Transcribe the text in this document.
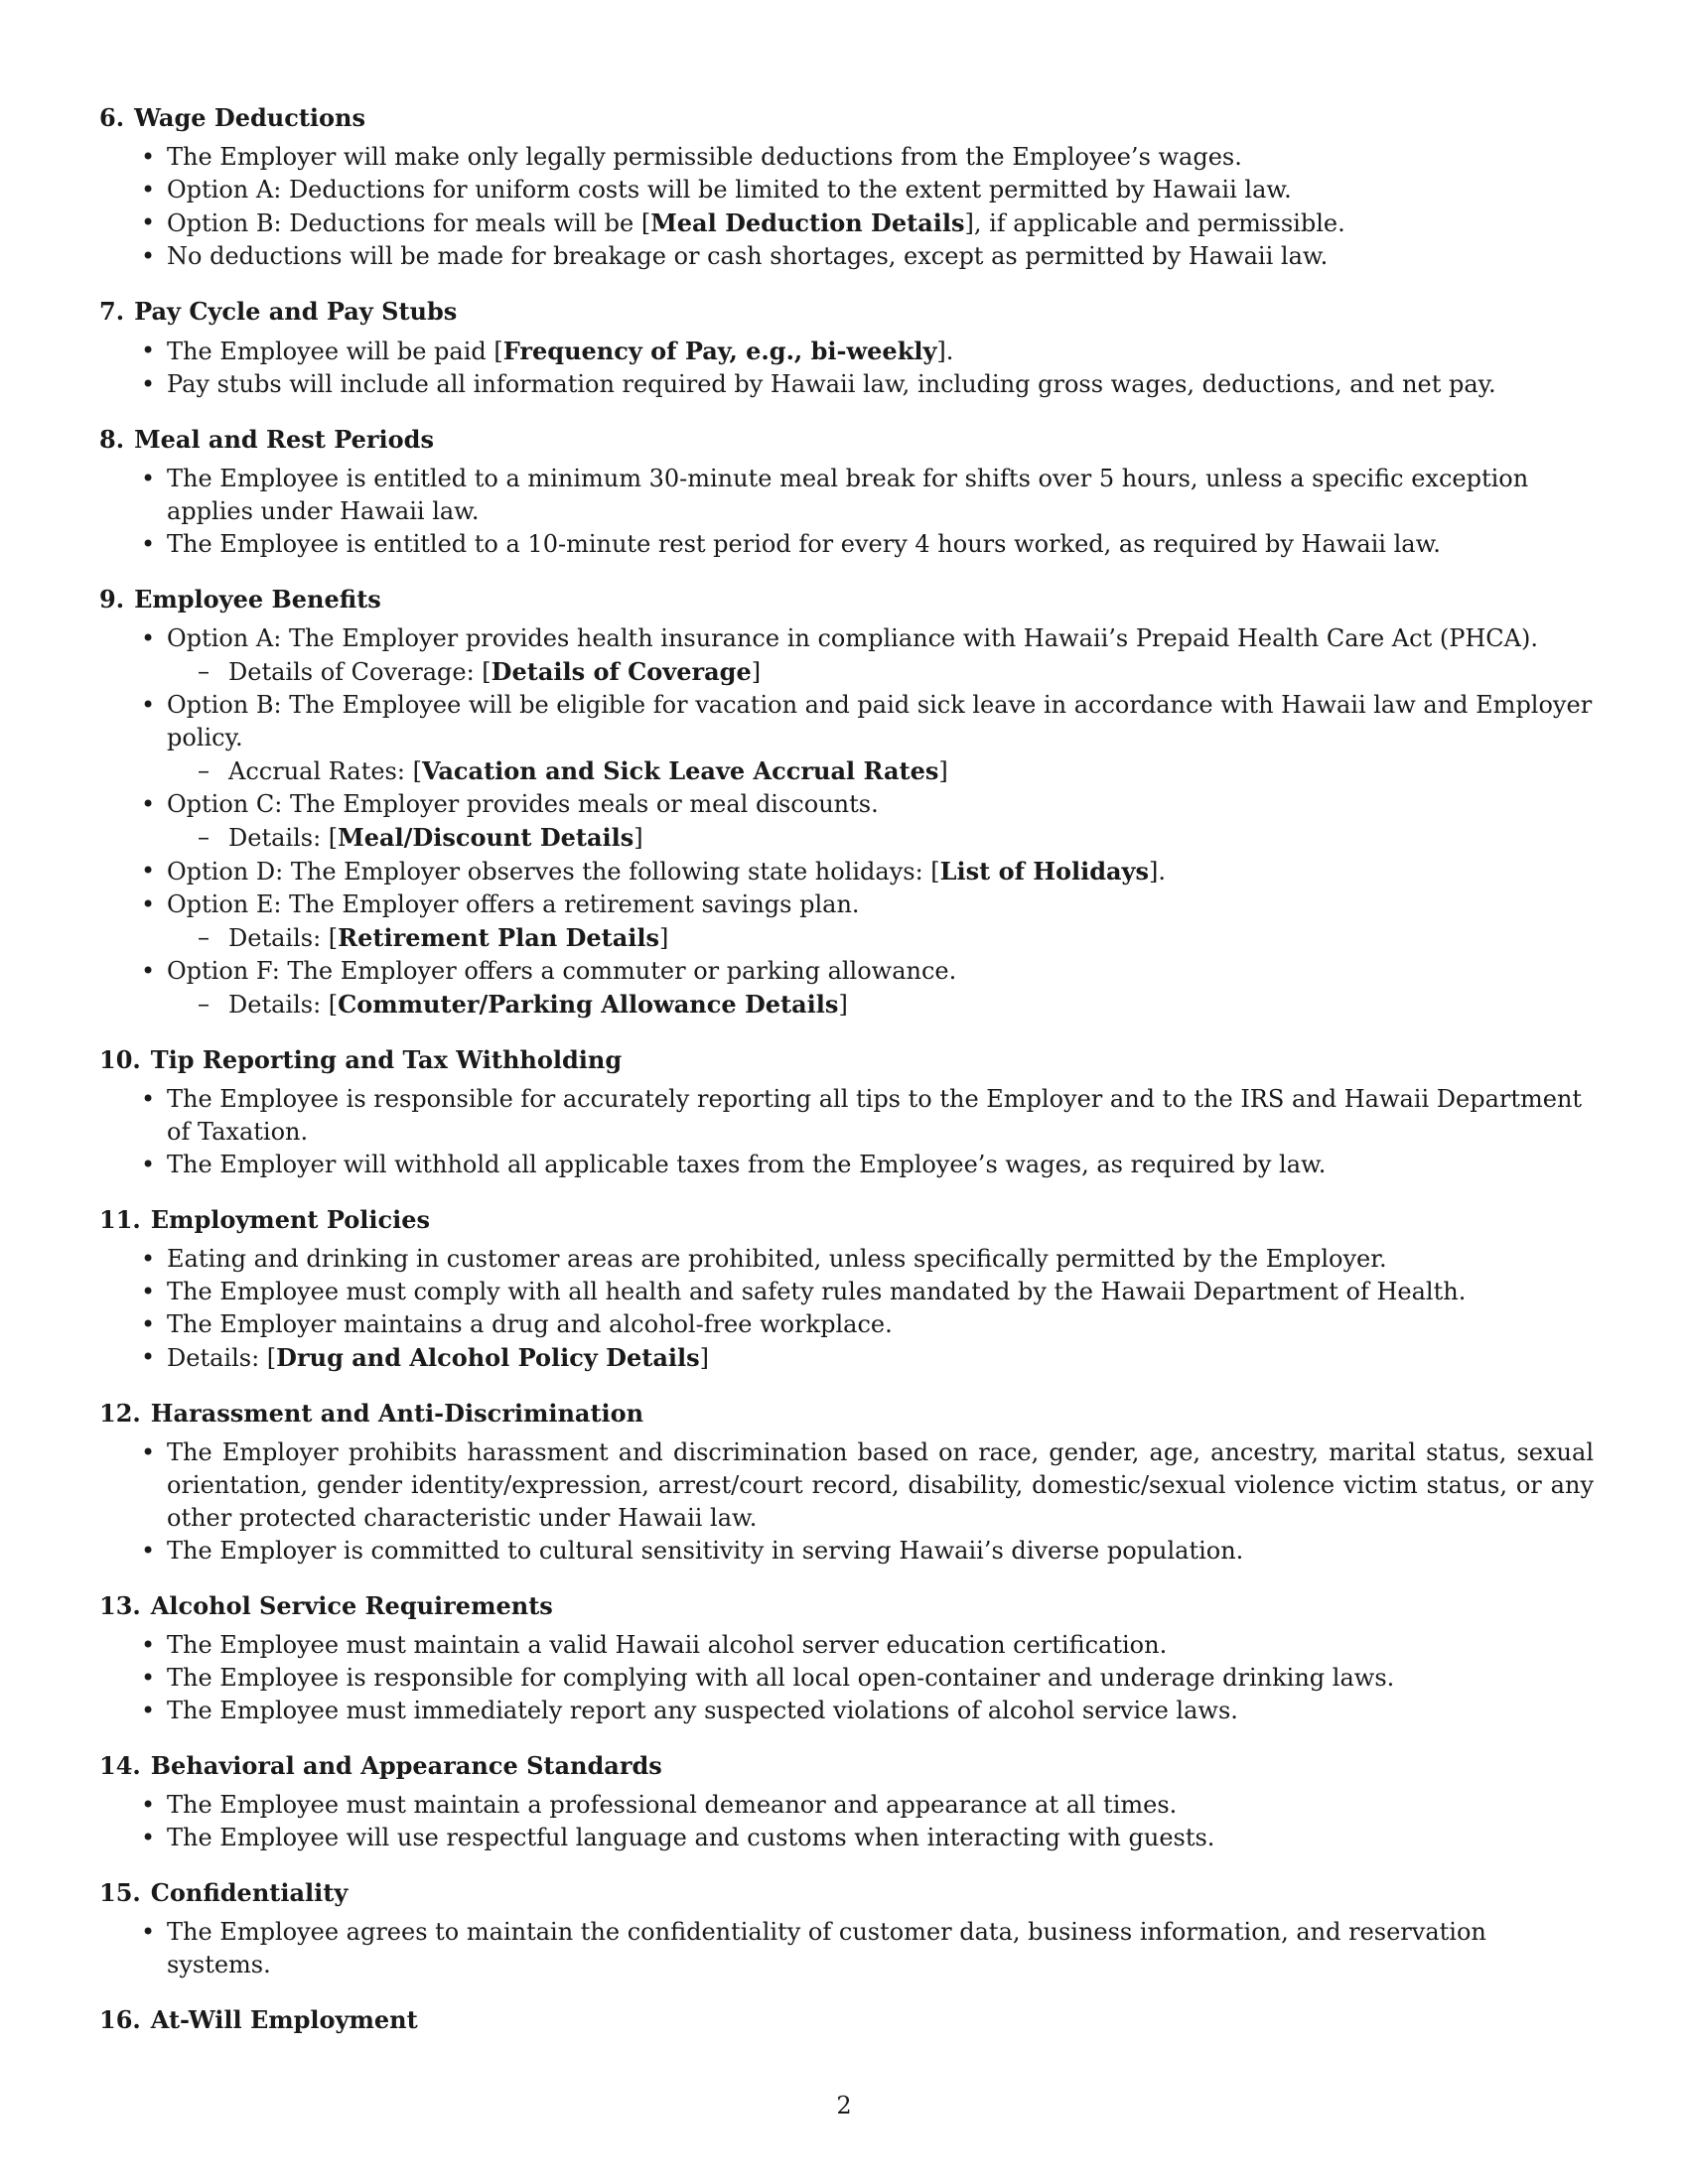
6. Wage Deductions
• The Employer will make only legally permissible deductions from the Employee’s wages.
• Option A: Deductions for uniform costs will be limited to the extent permitted by Hawaii law.
• Option B: Deductions for meals will be [Meal Deduction Details], if applicable and permissible.
• No deductions will be made for breakage or cash shortages, except as permitted by Hawaii law.
7. Pay Cycle and Pay Stubs
• The Employee will be paid [Frequency of Pay, e.g., bi-weekly].
• Pay stubs will include all information required by Hawaii law, including gross wages, deductions, and net pay.
8. Meal and Rest Periods
• The Employee is entitled to a minimum 30-minute meal break for shifts over 5 hours, unless a specific exception applies under Hawaii law.
• The Employee is entitled to a 10-minute rest period for every 4 hours worked, as required by Hawaii law.
9. Employee Benefits
• Option A: The Employer provides health insurance in compliance with Hawaii’s Prepaid Health Care Act (PHCA).
– Details of Coverage: [Details of Coverage]
• Option B: The Employee will be eligible for vacation and paid sick leave in accordance with Hawaii law and Employer policy.
– Accrual Rates: [Vacation and Sick Leave Accrual Rates]
• Option C: The Employer provides meals or meal discounts.
– Details: [Meal/Discount Details]
• Option D: The Employer observes the following state holidays: [List of Holidays].
• Option E: The Employer offers a retirement savings plan.
– Details: [Retirement Plan Details]
• Option F: The Employer offers a commuter or parking allowance.
– Details: [Commuter/Parking Allowance Details]
10. Tip Reporting and Tax Withholding
• The Employee is responsible for accurately reporting all tips to the Employer and to the IRS and Hawaii Department of Taxation.
• The Employer will withhold all applicable taxes from the Employee’s wages, as required by law.
11. Employment Policies
• Eating and drinking in customer areas are prohibited, unless specifically permitted by the Employer.
• The Employee must comply with all health and safety rules mandated by the Hawaii Department of Health.
• The Employer maintains a drug and alcohol-free workplace.
• Details: [Drug and Alcohol Policy Details]
12. Harassment and Anti-Discrimination
• The Employer prohibits harassment and discrimination based on race, gender, age, ancestry, marital status, sexual orientation, gender identity/expression, arrest/court record, disability, domestic/sexual violence victim status, or any other protected characteristic under Hawaii law.
• The Employer is committed to cultural sensitivity in serving Hawaii’s diverse population.
13. Alcohol Service Requirements
• The Employee must maintain a valid Hawaii alcohol server education certification.
• The Employee is responsible for complying with all local open-container and underage drinking laws.
• The Employee must immediately report any suspected violations of alcohol service laws.
14. Behavioral and Appearance Standards
• The Employee must maintain a professional demeanor and appearance at all times.
• The Employee will use respectful language and customs when interacting with guests.
15. Confidentiality
• The Employee agrees to maintain the confidentiality of customer data, business information, and reservation systems.
16. At-Will Employment
2
